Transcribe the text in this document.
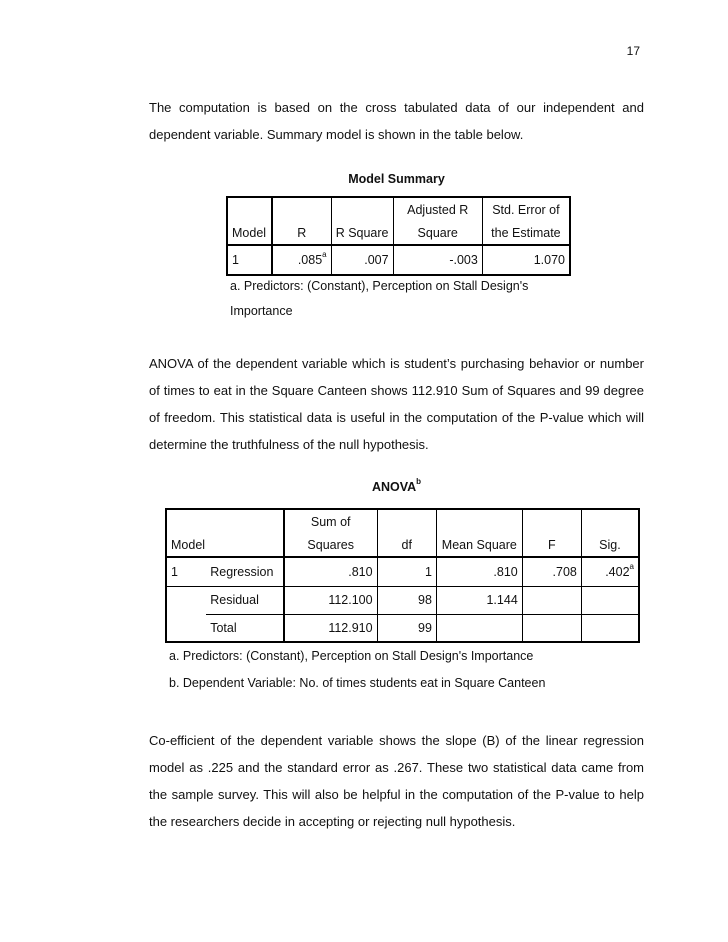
17

The computation is based on the cross tabulated data of our independent and dependent variable. Summary model is shown in the table below.

Model Summary
			Adjusted R	Std. Error of
Model	R	R Square	Square	the Estimate
1	.085$^a$	.007	-.003	1.070
a. Predictors: (Constant), Perception on Stall Design's
Importance

ANOVA of the dependent variable which is student’s purchasing behavior or number of times to eat in the Square Canteen shows 112.910 Sum of Squares and 99 degree of freedom. This statistical data is useful in the computation of the P-value which will determine the truthfulness of the null hypothesis.

ANOVA$^b$
		Sum of				
Model		Squares	df	Mean Square	F	Sig.
1	Regression	.810	1	.810	.708	.402$^a$
	Residual	112.100	98	1.144		
	Total	112.910	99			
a. Predictors: (Constant), Perception on Stall Design's Importance
b. Dependent Variable: No. of times students eat in Square Canteen

Co-efficient of the dependent variable shows the slope (B) of the linear regression model as .225 and the standard error as .267. These two statistical data came from the sample survey. This will also be helpful in the computation of the P-value to help the researchers decide in accepting or rejecting null hypothesis.
